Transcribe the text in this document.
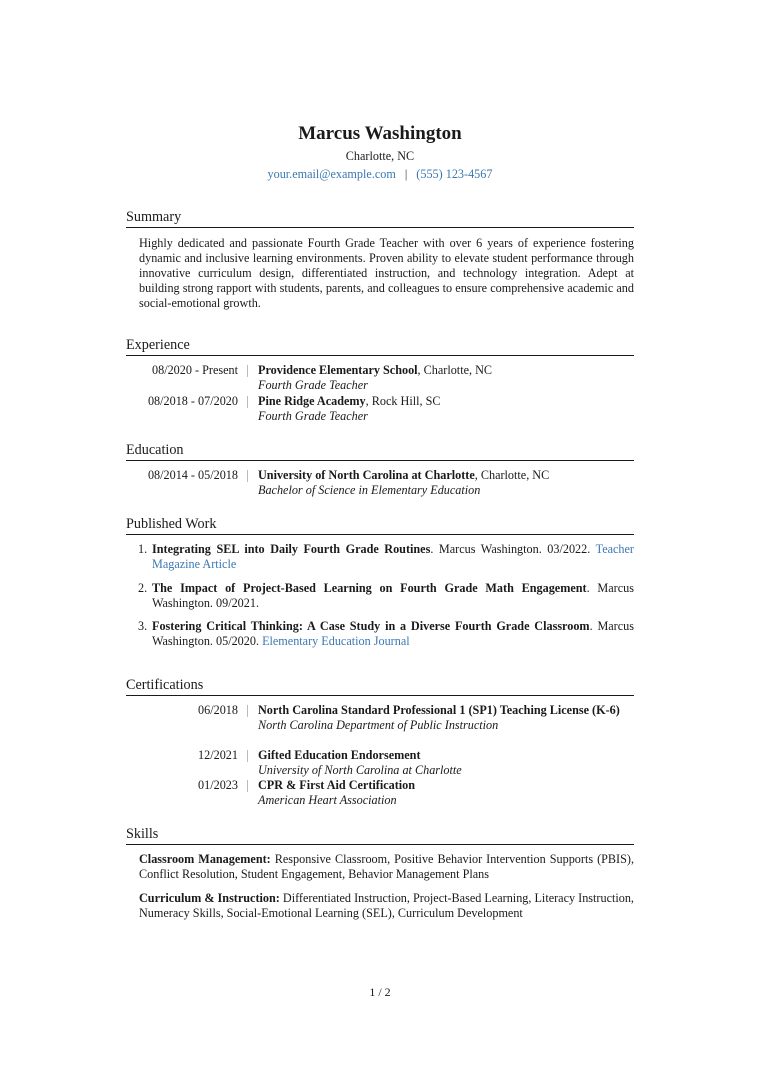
Marcus Washington
Charlotte, NC
your.email@example.com | (555) 123-4567
Summary
Highly dedicated and passionate Fourth Grade Teacher with over 6 years of experience fostering dynamic and inclusive learning environments. Proven ability to elevate student performance through innovative curriculum design, differentiated instruction, and technology integration. Adept at building strong rapport with students, parents, and colleagues to ensure comprehensive academic and social-emotional growth.
Experience
08/2020 - Present Providence Elementary School, Charlotte, NC
Fourth Grade Teacher
08/2018 - 07/2020 Pine Ridge Academy, Rock Hill, SC
Fourth Grade Teacher
Education
08/2014 - 05/2018 University of North Carolina at Charlotte, Charlotte, NC
Bachelor of Science in Elementary Education
Published Work
1. Integrating SEL into Daily Fourth Grade Routines. Marcus Washington. 03/2022. Teacher Magazine Article
2. The Impact of Project-Based Learning on Fourth Grade Math Engagement. Marcus Washington. 09/2021.
3. Fostering Critical Thinking: A Case Study in a Diverse Fourth Grade Classroom. Marcus Washington. 05/2020. Elementary Education Journal
Certifications
06/2018 North Carolina Standard Professional 1 (SP1) Teaching License (K-6)
North Carolina Department of Public Instruction
12/2021 Gifted Education Endorsement
University of North Carolina at Charlotte
01/2023 CPR & First Aid Certification
American Heart Association
Skills
Classroom Management: Responsive Classroom, Positive Behavior Intervention Supports (PBIS), Conflict Resolution, Student Engagement, Behavior Management Plans
Curriculum & Instruction: Differentiated Instruction, Project-Based Learning, Literacy Instruction, Numeracy Skills, Social-Emotional Learning (SEL), Curriculum Development
1 / 2
